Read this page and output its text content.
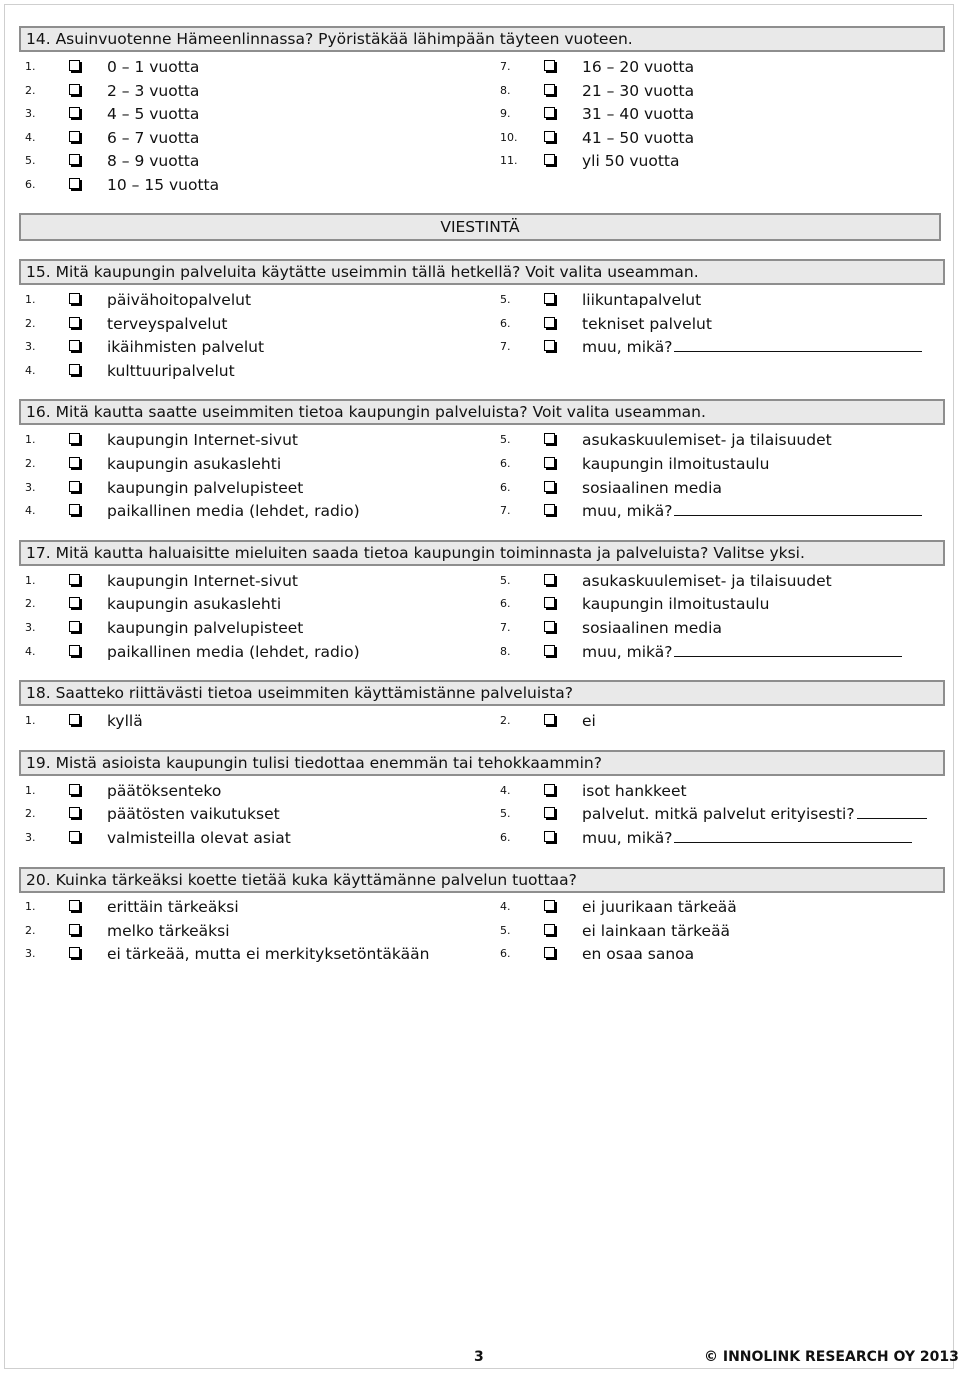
14. Asuinvuotenne Hämeenlinnassa? Pyöristäkää lähimpään täyteen vuoteen.
1.	0 – 1 vuotta
2.	2 – 3 vuotta
3.	4 – 5 vuotta
4.	6 – 7 vuotta
5.	8 – 9 vuotta
6.	10 – 15 vuotta
7.	16 – 20 vuotta
8.	21 – 30 vuotta
9.	31 – 40 vuotta
10.	41 – 50 vuotta
11.	yli 50 vuotta
VIESTINTÄ
15. Mitä kaupungin palveluita käytätte useimmin tällä hetkellä? Voit valita useamman.
1.	päivähoitopalvelut
2.	terveyspalvelut
3.	ikäihmisten palvelut
4.	kulttuuripalvelut
5.	liikuntapalvelut
6.	tekniset palvelut
7.	muu, mikä?
16. Mitä kautta saatte useimmiten tietoa kaupungin palveluista? Voit valita useamman.
1.	kaupungin Internet-sivut
2.	kaupungin asukaslehti
3.	kaupungin palvelupisteet
4.	paikallinen media (lehdet, radio)
5.	asukaskuulemiset- ja tilaisuudet
6.	kaupungin ilmoitustaulu
6.	sosiaalinen media
7.	muu, mikä?
17. Mitä kautta haluaisitte mieluiten saada tietoa kaupungin toiminnasta ja palveluista? Valitse yksi.
1.	kaupungin Internet-sivut
2.	kaupungin asukaslehti
3.	kaupungin palvelupisteet
4.	paikallinen media (lehdet, radio)
5.	asukaskuulemiset- ja tilaisuudet
6.	kaupungin ilmoitustaulu
7.	sosiaalinen media
8.	muu, mikä?
18. Saatteko riittävästi tietoa useimmiten käyttämistänne palveluista?
1.	kyllä	2.	ei
19. Mistä asioista kaupungin tulisi tiedottaa enemmän tai tehokkaammin?
1.	päätöksenteko
2.	päätösten vaikutukset
3.	valmisteilla olevat asiat
4.	isot hankkeet
5.	palvelut. mitkä palvelut erityisesti?
6.	muu, mikä?
20. Kuinka tärkeäksi koette tietää kuka käyttämänne palvelun tuottaa?
1.	erittäin tärkeäksi
2.	melko tärkeäksi
3.	ei tärkeää, mutta ei merkityksetöntäkään
4.	ei juurikaan tärkeää
5.	ei lainkaan tärkeää
6.	en osaa sanoa
3	© INNOLINK RESEARCH OY 2013
